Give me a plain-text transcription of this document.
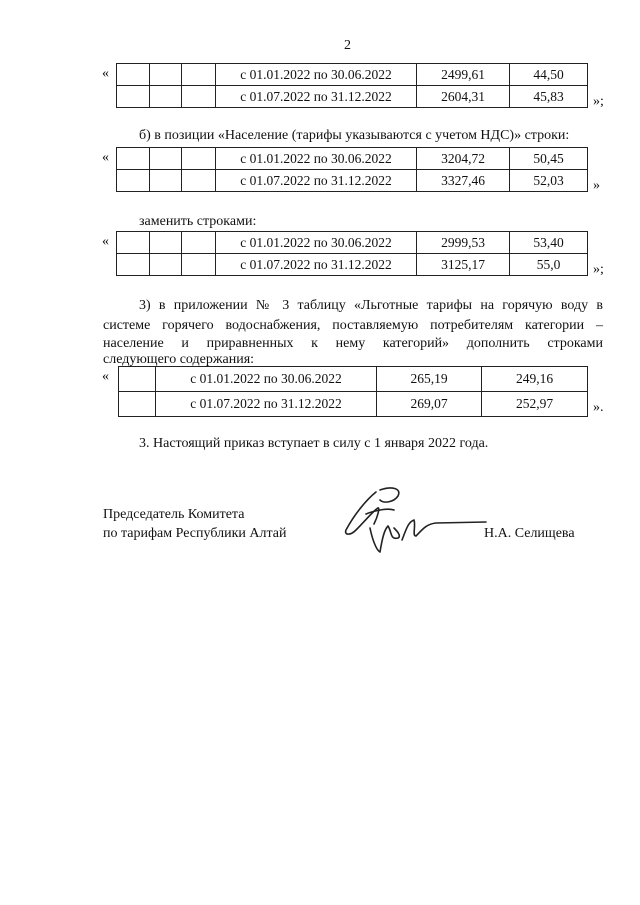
2
«
				с 01.01.2022 по 30.06.2022	2499,61	44,50
			с 01.07.2022 по 31.12.2022	2604,31	45,83 »;
б) в позиции «Население (тарифы указываются с учетом НДС)» строки:
«
				с 01.01.2022 по 30.06.2022	3204,72	50,45
			с 01.07.2022 по 31.12.2022	3327,46	52,03 »
заменить строками:
«
				с 01.01.2022 по 30.06.2022	2999,53	53,40
			с 01.07.2022 по 31.12.2022	3125,17	55,0 »;
3) в приложении № 3 таблицу «Льготные тарифы на горячую воду в
системе горячего водоснабжения, поставляемую потребителям категории –
население и приравненных к нему категорий» дополнить строками
следующего содержания:
«
		с 01.01.2022 по 30.06.2022	265,19	249,16
	с 01.07.2022 по 31.12.2022	269,07	252,97	».
3. Настоящий приказ вступает в силу с 1 января 2022 года.
Председатель Комитета
по тарифам Республики Алтай	Н.А. Селищева
